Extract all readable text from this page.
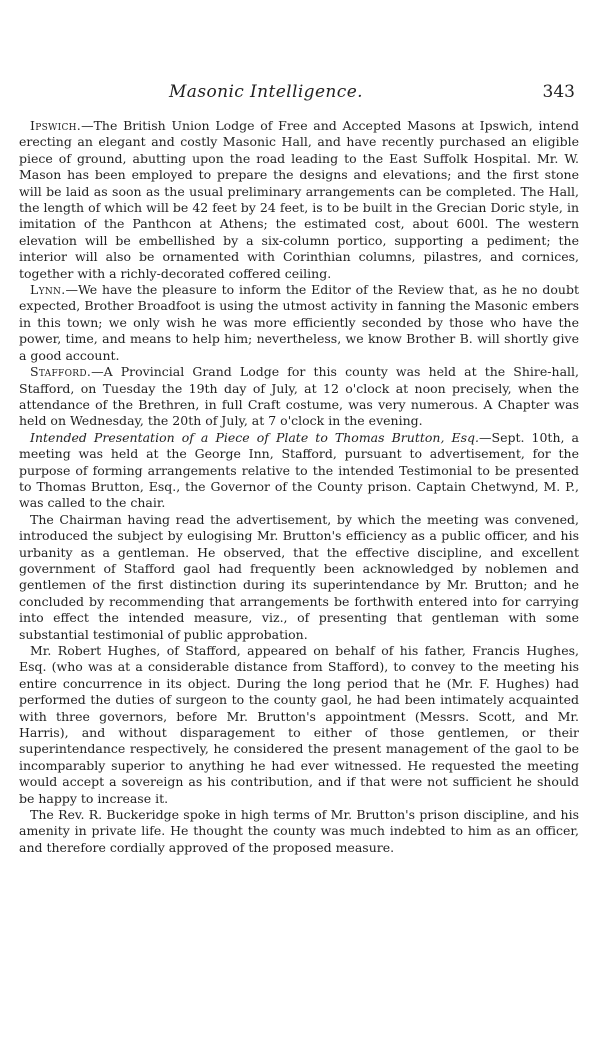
Masonic Intelligence.	343

Ipswich.—The British Union Lodge of Free and Accepted Masons at Ipswich, intend erecting an elegant and costly Masonic Hall, and have recently purchased an eligible piece of ground, abutting upon the road leading to the East Suffolk Hospital. Mr. W. Mason has been employed to prepare the designs and elevations; and the first stone will be laid as soon as the usual preliminary arrangements can be completed. The Hall, the length of which will be 42 feet by 24 feet, is to be built in the Grecian Doric style, in imitation of the Panthcon at Athens; the estimated cost, about 600l. The western elevation will be embellished by a six-column portico, supporting a pediment; the interior will also be ornamented with Corinthian columns, pilastres, and cornices, together with a richly-decorated coffered ceiling.

Lynn.—We have the pleasure to inform the Editor of the Review that, as he no doubt expected, Brother Broadfoot is using the utmost activity in fanning the Masonic embers in this town; we only wish he was more efficiently seconded by those who have the power, time, and means to help him; nevertheless, we know Brother B. will shortly give a good account.

Stafford.—A Provincial Grand Lodge for this county was held at the Shire-hall, Stafford, on Tuesday the 19th day of July, at 12 o'clock at noon precisely, when the attendance of the Brethren, in full Craft costume, was very numerous. A Chapter was held on Wednesday, the 20th of July, at 7 o'clock in the evening.

Intended Presentation of a Piece of Plate to Thomas Brutton, Esq.—Sept. 10th, a meeting was held at the George Inn, Stafford, pursuant to advertisement, for the purpose of forming arrangements relative to the intended Testimonial to be presented to Thomas Brutton, Esq., the Governor of the County prison. Captain Chetwynd, M. P., was called to the chair.

The Chairman having read the advertisement, by which the meeting was convened, introduced the subject by eulogising Mr. Brutton's efficiency as a public officer, and his urbanity as a gentleman. He observed, that the effective discipline, and excellent government of Stafford gaol had frequently been acknowledged by noblemen and gentlemen of the first distinction during its superintendance by Mr. Brutton; and he concluded by recommending that arrangements be forthwith entered into for carrying into effect the intended measure, viz., of presenting that gentleman with some substantial testimonial of public approbation.

Mr. Robert Hughes, of Stafford, appeared on behalf of his father, Francis Hughes, Esq. (who was at a considerable distance from Stafford), to convey to the meeting his entire concurrence in its object. During the long period that he (Mr. F. Hughes) had performed the duties of surgeon to the county gaol, he had been intimately acquainted with three governors, before Mr. Brutton's appointment (Messrs. Scott, and Mr. Harris), and without disparagement to either of those gentlemen, or their superintendance respectively, he considered the present management of the gaol to be incomparably superior to anything he had ever witnessed. He requested the meeting would accept a sovereign as his contribution, and if that were not sufficient he should be happy to increase it.

The Rev. R. Buckeridge spoke in high terms of Mr. Brutton's prison discipline, and his amenity in private life. He thought the county was much indebted to him as an officer, and therefore cordially approved of the proposed measure.
